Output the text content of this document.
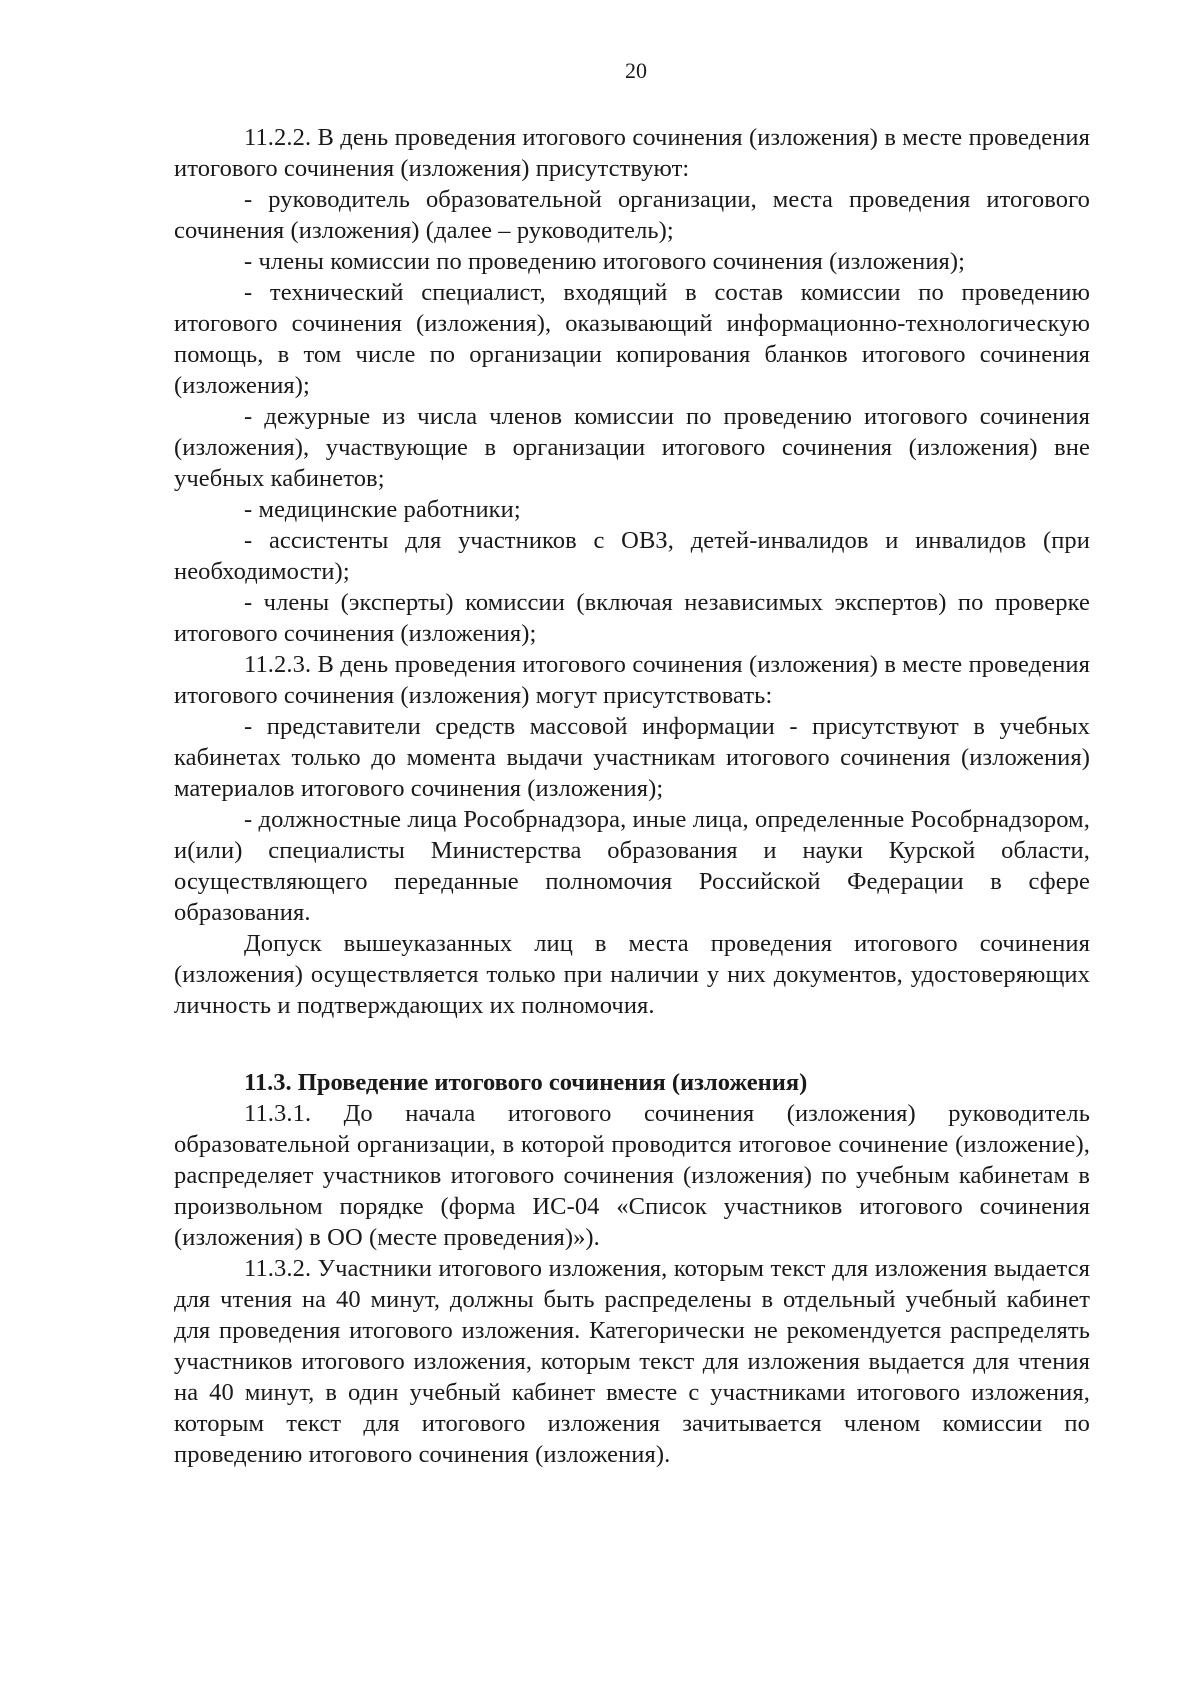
20

11.2.2. В день проведения итогового сочинения (изложения) в месте проведения итогового сочинения (изложения) присутствуют:

- руководитель образовательной организации, места проведения итогового сочинения (изложения) (далее – руководитель);

- члены комиссии по проведению итогового сочинения (изложения);

- технический специалист, входящий в состав комиссии по проведению итогового сочинения (изложения), оказывающий информационно-технологическую помощь, в том числе по организации копирования бланков итогового сочинения (изложения);

- дежурные из числа членов комиссии по проведению итогового сочинения (изложения), участвующие в организации итогового сочинения (изложения) вне учебных кабинетов;

- медицинские работники;

- ассистенты для участников с ОВЗ, детей-инвалидов и инвалидов (при необходимости);

- члены (эксперты) комиссии (включая независимых экспертов) по проверке итогового сочинения (изложения);

11.2.3. В день проведения итогового сочинения (изложения) в месте проведения итогового сочинения (изложения) могут присутствовать:

- представители средств массовой информации - присутствуют в учебных кабинетах только до момента выдачи участникам итогового сочинения (изложения) материалов итогового сочинения (изложения);

- должностные лица Рособрнадзора, иные лица, определенные Рособрнадзором, и(или) специалисты Министерства образования и науки Курской области, осуществляющего переданные полномочия Российской Федерации в сфере образования.

Допуск вышеуказанных лиц в места проведения итогового сочинения (изложения) осуществляется только при наличии у них документов, удостоверяющих личность и подтверждающих их полномочия.

11.3. Проведение итогового сочинения (изложения)

11.3.1. До начала итогового сочинения (изложения) руководитель образовательной организации, в которой проводится итоговое сочинение (изложение), распределяет участников итогового сочинения (изложения) по учебным кабинетам в произвольном порядке (форма ИС-04 «Список участников итогового сочинения (изложения) в ОО (месте проведения)»).

11.3.2. Участники итогового изложения, которым текст для изложения выдается для чтения на 40 минут, должны быть распределены в отдельный учебный кабинет для проведения итогового изложения. Категорически не рекомендуется распределять участников итогового изложения, которым текст для изложения выдается для чтения на 40 минут, в один учебный кабинет вместе с участниками итогового изложения, которым текст для итогового изложения зачитывается членом комиссии по проведению итогового сочинения (изложения).
